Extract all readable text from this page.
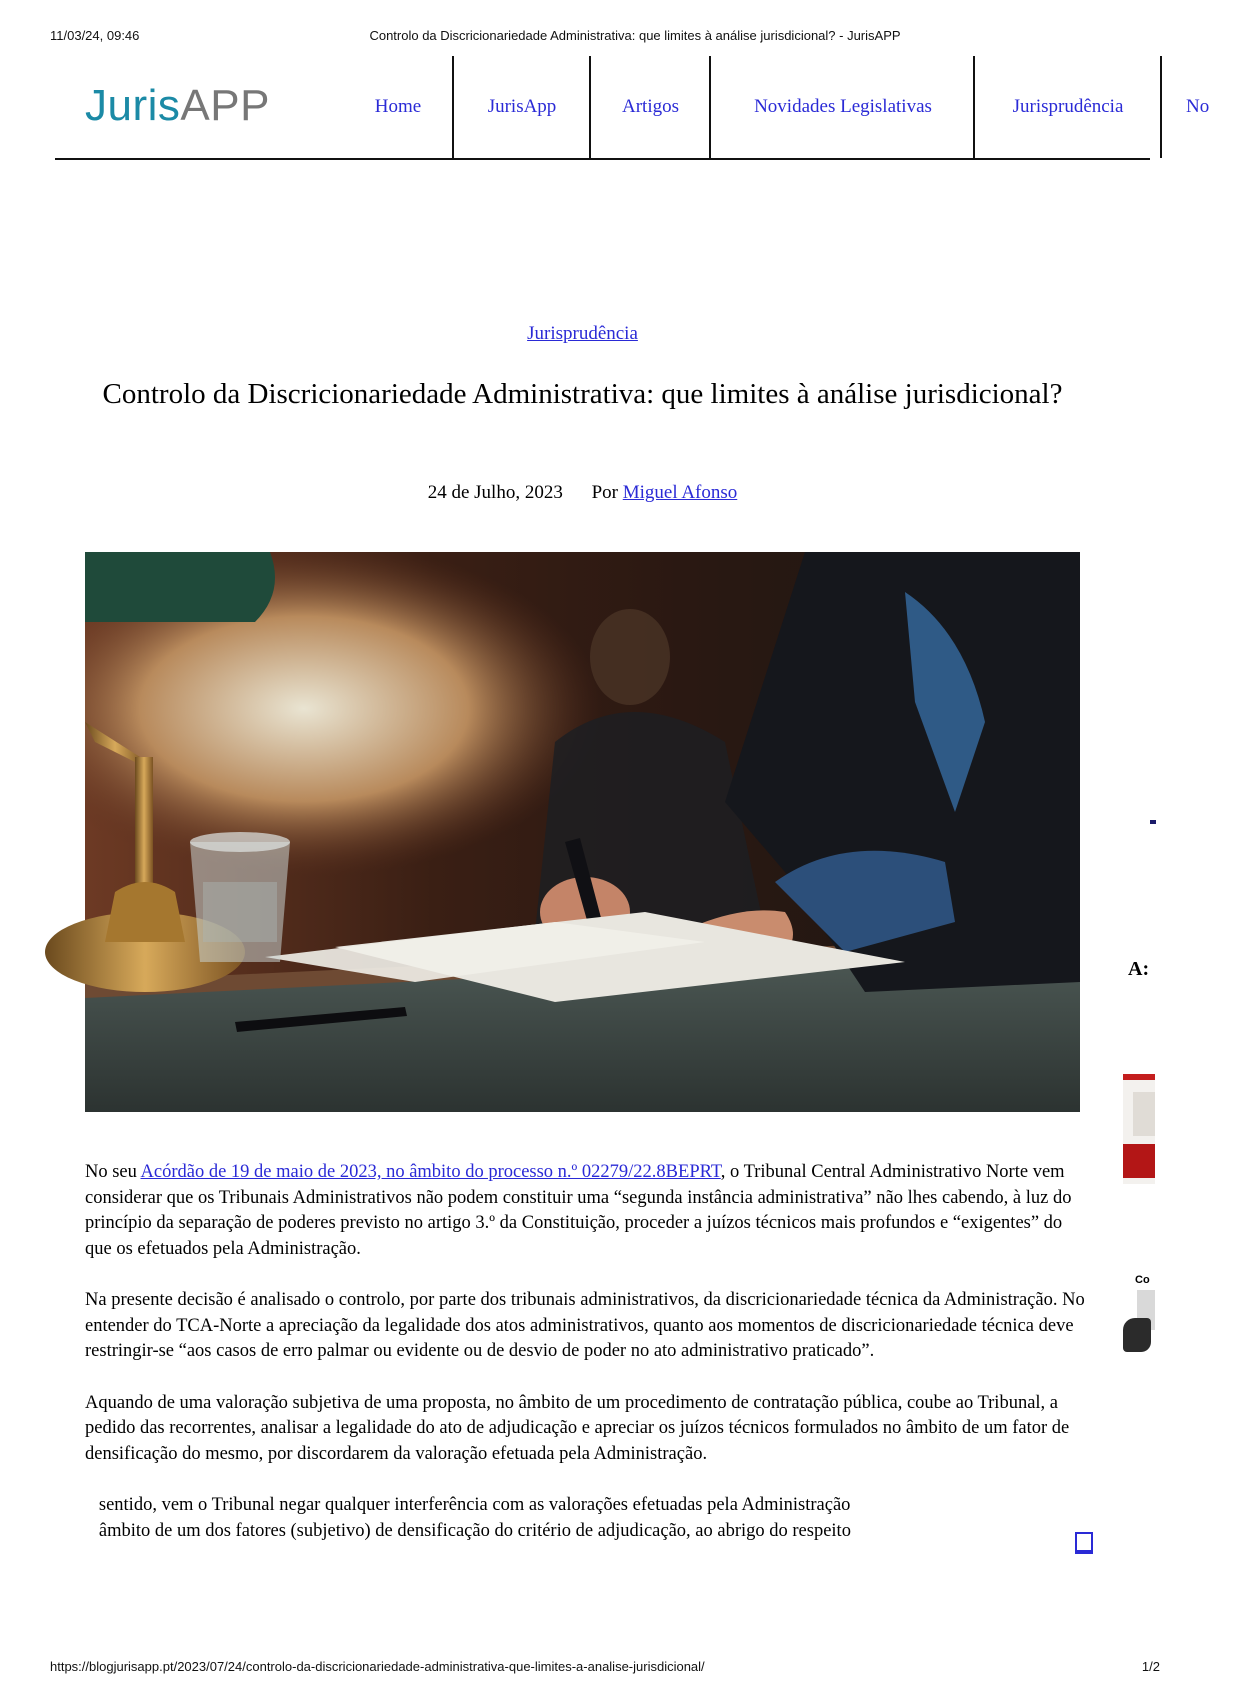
11/03/24, 09:46	Controlo da Discricionariedade Administrativa: que limites à análise jurisdicional? - JurisAPP
JurisAPP	Home	JurisApp	Artigos	Novidades Legislativas	Jurisprudência	No
Jurisprudência
Controlo da Discricionariedade Administrativa: que limites à análise jurisdicional?
24 de Julho, 2023 Por Miguel Afonso

No seu Acórdão de 19 de maio de 2023, no âmbito do processo n.º 02279/22.8BEPRT, o Tribunal Central Administrativo Norte vem considerar que os Tribunais Administrativos não podem constituir uma “segunda instância administrativa” não lhes cabendo, à luz do princípio da separação de poderes previsto no artigo 3.º da Constituição, proceder a juízos técnicos mais profundos e “exigentes” do que os efetuados pela Administração.

Na presente decisão é analisado o controlo, por parte dos tribunais administrativos, da discricionariedade técnica da Administração. No entender do TCA-Norte a apreciação da legalidade dos atos administrativos, quanto aos momentos de discricionariedade técnica deve restringir-se “aos casos de erro palmar ou evidente ou de desvio de poder no ato administrativo praticado”.

Aquando de uma valoração subjetiva de uma proposta, no âmbito de um procedimento de contratação pública, coube ao Tribunal, a pedido das recorrentes, analisar a legalidade do ato de adjudicação e apreciar os juízos técnicos formulados no âmbito de um fator de densificação do mesmo, por discordarem da valoração efetuada pela Administração.

sentido, vem o Tribunal negar qualquer interferência com as valorações efetuadas pela Administração
âmbito de um dos fatores (subjetivo) de densificação do critério de adjudicação, ao abrigo do respeito

A:
Co
https://blogjurisapp.pt/2023/07/24/controlo-da-discricionariedade-administrativa-que-limites-a-analise-jurisdicional/	1/2
